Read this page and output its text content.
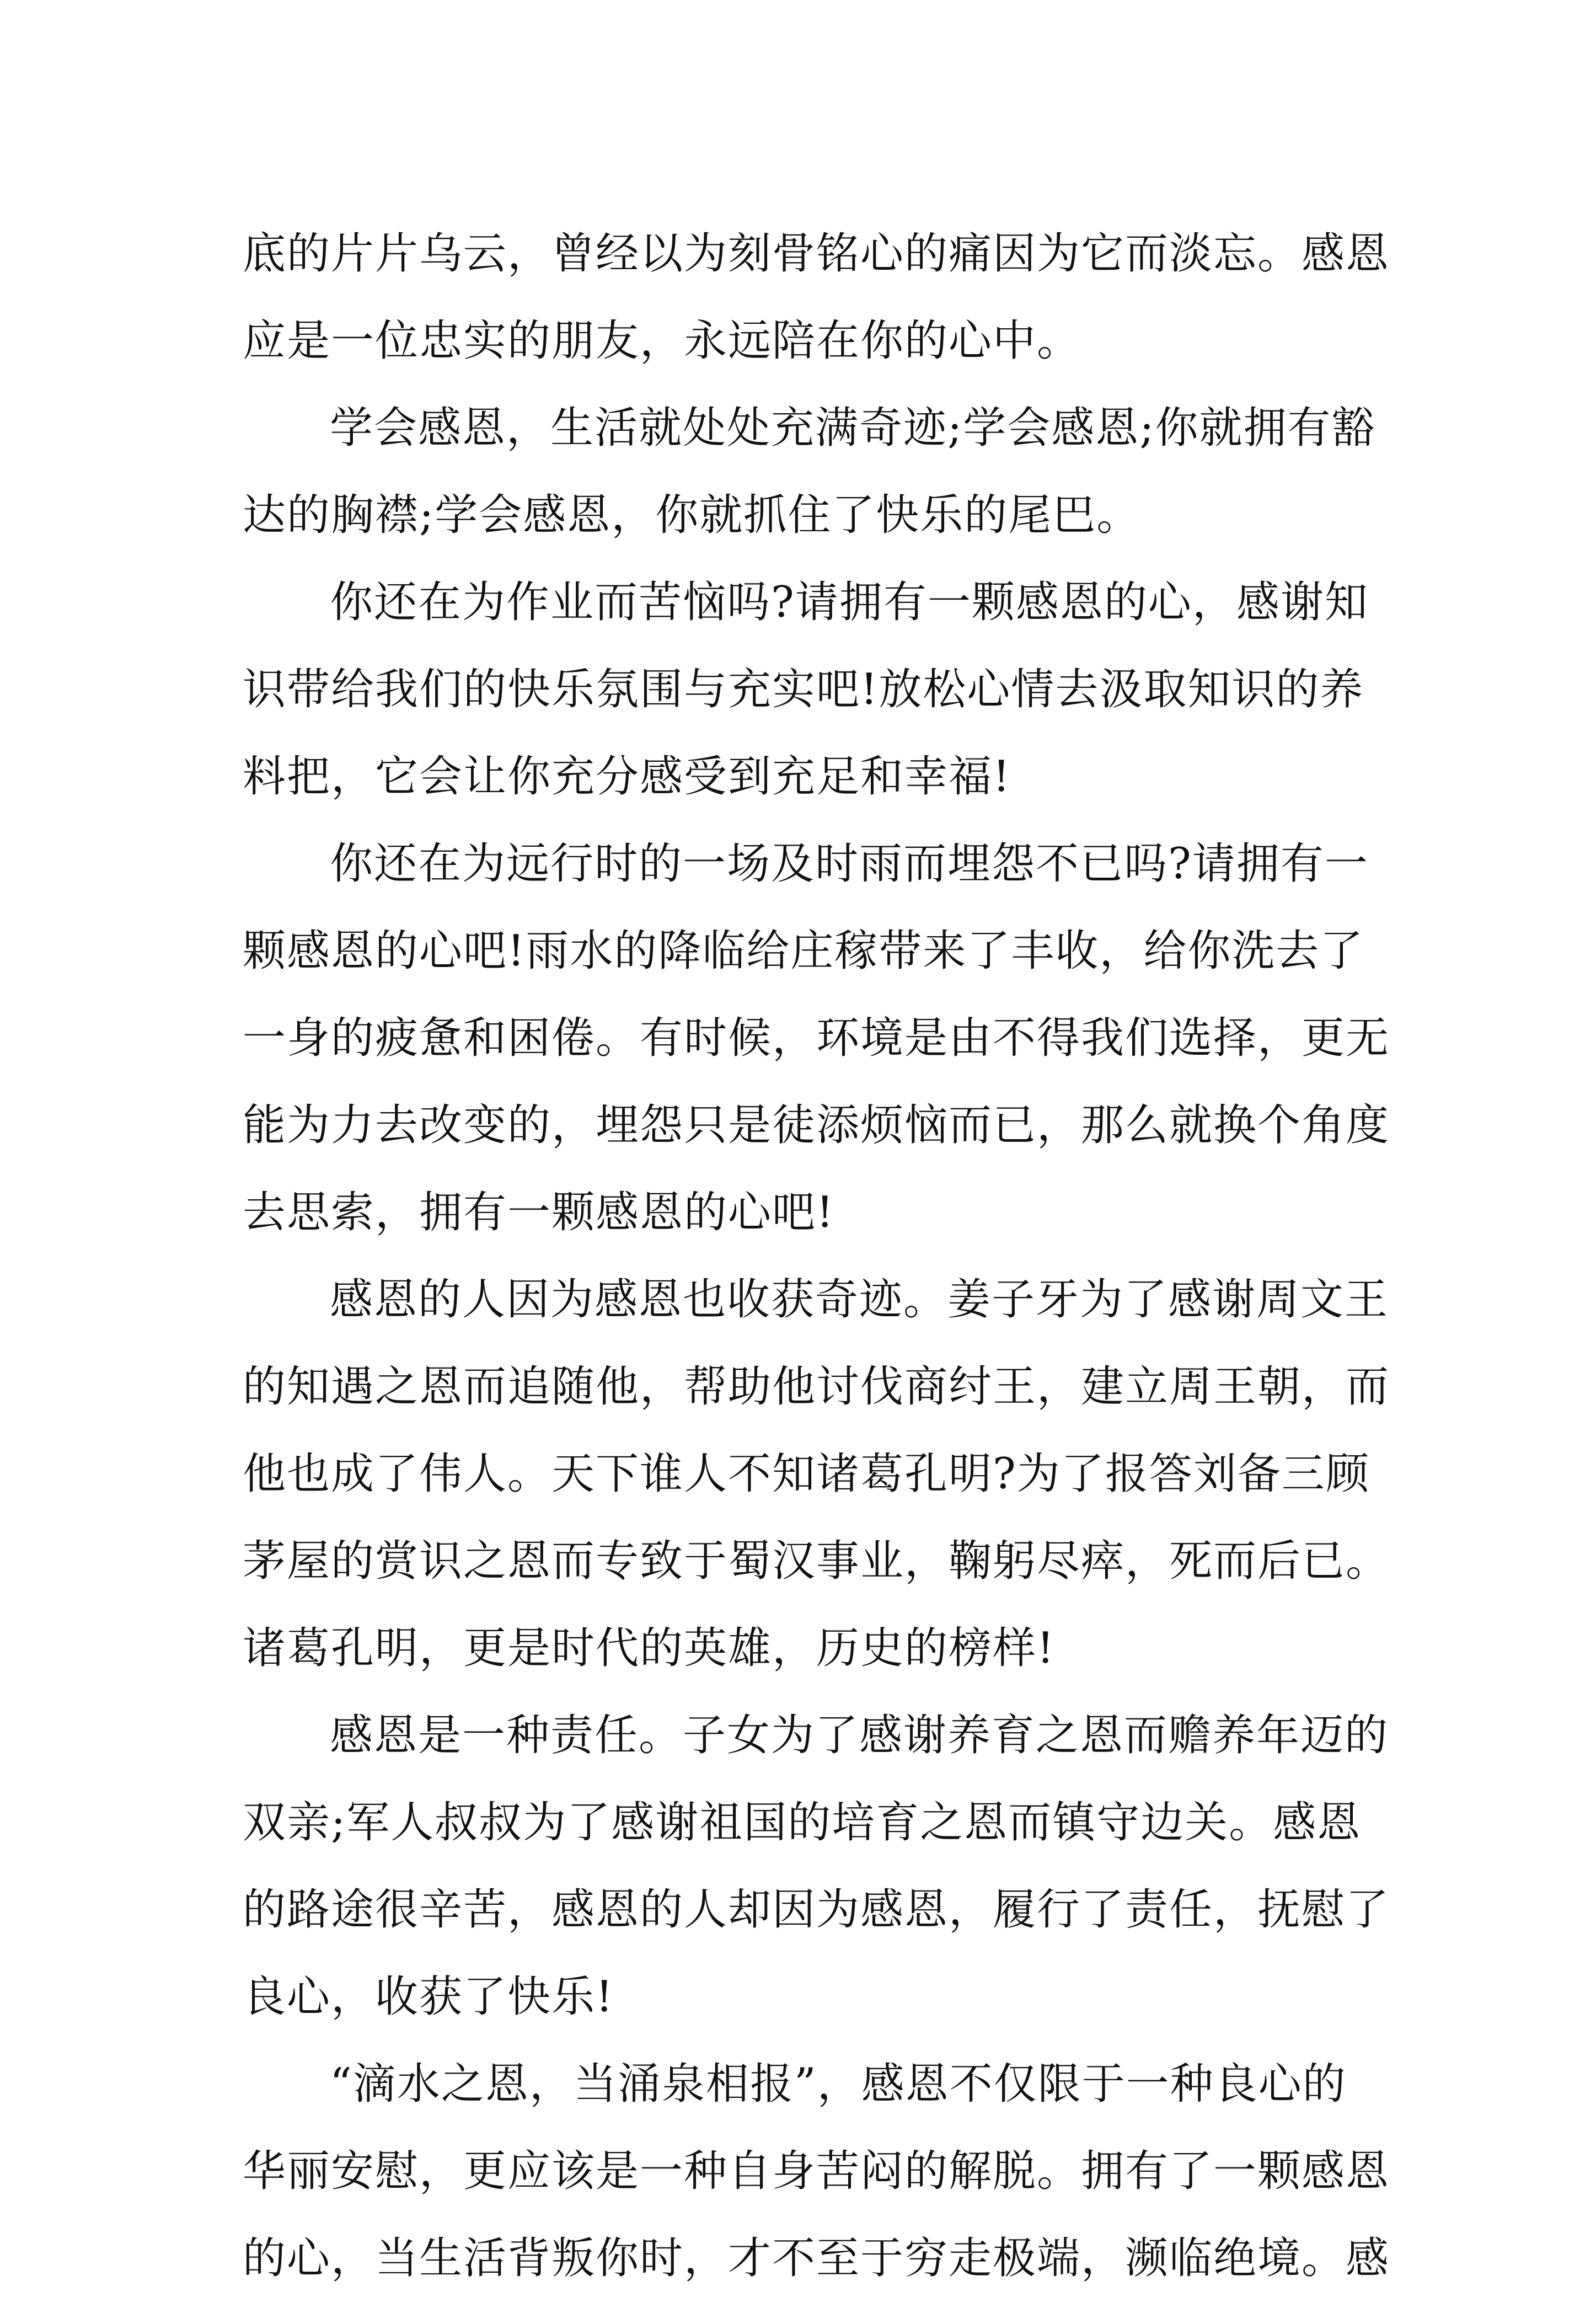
底的片片乌云，曾经以为刻骨铭心的痛因为它而淡忘。感恩
应是一位忠实的朋友，永远陪在你的心中。
学会感恩，生活就处处充满奇迹;学会感恩;你就拥有豁
达的胸襟;学会感恩，你就抓住了快乐的尾巴。
你还在为作业而苦恼吗?请拥有一颗感恩的心，感谢知
识带给我们的快乐氛围与充实吧!放松心情去汲取知识的养
料把，它会让你充分感受到充足和幸福!
你还在为远行时的一场及时雨而埋怨不已吗?请拥有一
颗感恩的心吧!雨水的降临给庄稼带来了丰收，给你洗去了
一身的疲惫和困倦。有时候，环境是由不得我们选择，更无
能为力去改变的，埋怨只是徒添烦恼而已，那么就换个角度
去思索，拥有一颗感恩的心吧!
感恩的人因为感恩也收获奇迹。姜子牙为了感谢周文王
的知遇之恩而追随他，帮助他讨伐商纣王，建立周王朝，而
他也成了伟人。天下谁人不知诸葛孔明?为了报答刘备三顾
茅屋的赏识之恩而专致于蜀汉事业，鞠躬尽瘁，死而后已。
诸葛孔明，更是时代的英雄，历史的榜样!
感恩是一种责任。子女为了感谢养育之恩而赡养年迈的
双亲;军人叔叔为了感谢祖国的培育之恩而镇守边关。感恩
的路途很辛苦，感恩的人却因为感恩，履行了责任，抚慰了
良心，收获了快乐!
“滴水之恩，当涌泉相报”，感恩不仅限于一种良心的
华丽安慰，更应该是一种自身苦闷的解脱。拥有了一颗感恩
的心，当生活背叛你时，才不至于穷走极端，濒临绝境。感
